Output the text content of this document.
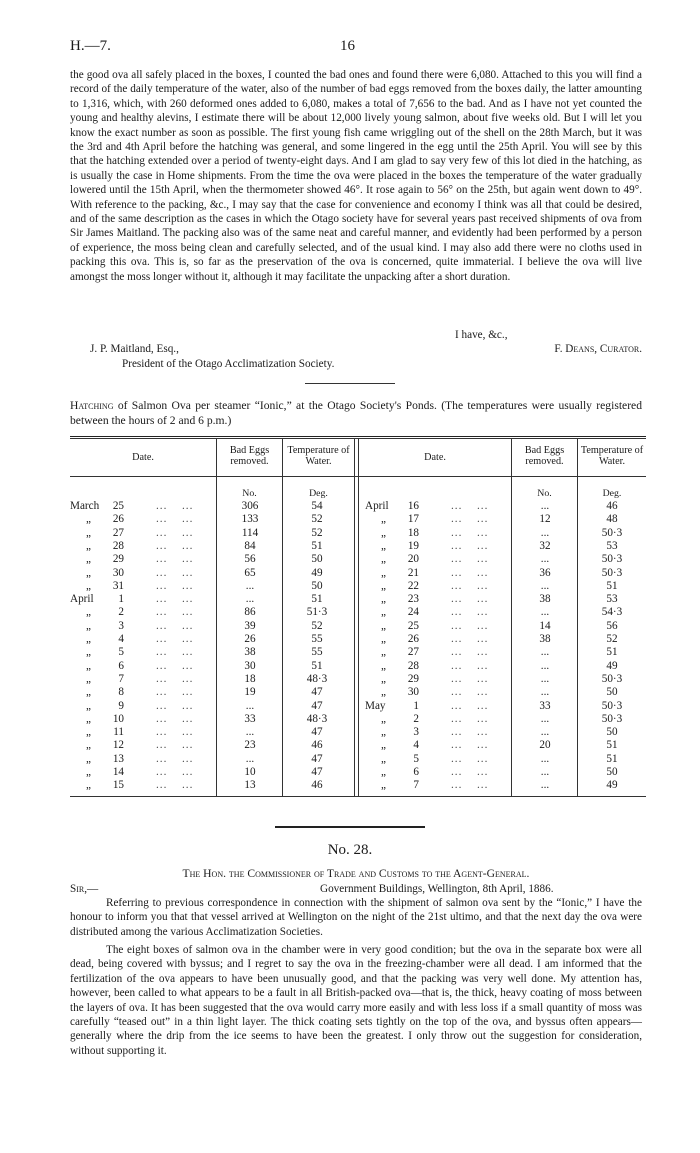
H.—7.	16
the good ova all safely placed in the boxes, I counted the bad ones and found there were 6,080. Attached to this you will find a record of the daily temperature of the water, also of the number of bad eggs removed from the boxes daily, the latter amounting to 1,316, which, with 260 deformed ones added to 6,080, makes a total of 7,656 to the bad. And as I have not yet counted the young and healthy alevins, I estimate there will be about 12,000 lively young salmon, about five weeks old. But I will let you know the exact number as soon as possible. The first young fish came wriggling out of the shell on the 28th March, but it was the 3rd and 4th April before the hatching was general, and some lingered in the egg until the 25th April. You will see by this that the hatching extended over a period of twenty-eight days. And I am glad to say very few of this lot died in the hatching, as is usually the case in Home shipments. From the time the ova were placed in the boxes the temperature of the water gradually lowered until the 15th April, when the thermometer showed 46°. It rose again to 56° on the 25th, but again went down to 49°. With reference to the packing, &c., I may say that the case for convenience and economy I think was all that could be desired, and of the same description as the cases in which the Otago society have for several years past received shipments of ova from Sir James Maitland. The packing also was of the same neat and careful manner, and evidently had been performed by a person of experience, the moss being clean and carefully selected, and of the usual kind. I may also add there were no cloths used in packing this ova. This is, so far as the preservation of the ova is concerned, quite immaterial. I believe the ova will live amongst the moss longer without it, although it may facilitate the unpacking after a short duration.
I have, &c.,
J. P. Maitland, Esq.,	F. Deans, Curator.
President of the Otago Acclimatization Society.
Hatching of Salmon Ova per steamer “Ionic,” at the Otago Society's Ponds. (The temperatures were usually registered between the hours of 2 and 6 p.m.)
Date.
Bad Eggs removed.
Temperature of Water.	Date.
Bad Eggs removed.
Temperature of Water.
No.	Deg.	No.	Deg.
March	25	... ...	306	54
„	26	... ...	133	52
„	27	... ...	114	52
„	28	... ...	84	51
„	29	... ...	56	50
„	30	... ...	65	49
„	31	... ...	...	50
April	1	... ...	...	51
„	2	... ...	86	51·3
„	3	... ...	39	52
„	4	... ...	26	55
„	5	... ...	38	55
„	6	... ...	30	51
„	7	... ...	18	48·3
„	8	... ...	19	47
„	9	... ...	...	47
„	10	... ...	33	48·3
„	11	... ...	...	47
„	12	... ...	23	46
„	13	... ...	...	47
„	14	... ...	10	47
„	15	... ...	13	46
April	16	... ...	...	46
„	17	... ...	12	48
„	18	... ...	...	50·3
„	19	... ...	32	53
„	20	... ...	...	50·3
„	21	... ...	36	50·3
„	22	... ...	...	51
„	23	... ...	38	53
„	24	... ...	...	54·3
„	25	... ...	14	56
„	26	... ...	38	52
„	27	... ...	...	51
„	28	... ...	...	49
„	29	... ...	...	50·3
„	30	... ...	...	50
May	1	... ...	33	50·3
„	2	... ...	...	50·3
„	3	... ...	...	50
„	4	... ...	20	51
„	5	... ...	...	51
„	6	... ...	...	50
„	7	... ...	...	49
No. 28.
The Hon. the Commissioner of Trade and Customs to the Agent-General.
Sir,—	Government Buildings, Wellington, 8th April, 1886.
Referring to previous correspondence in connection with the shipment of salmon ova sent by the “Ionic,” I have the honour to inform you that that vessel arrived at Wellington on the night of the 21st ultimo, and that the next day the ova were distributed among the various Acclimatization Societies.
The eight boxes of salmon ova in the chamber were in very good condition; but the ova in the separate box were all dead, being covered with byssus; and I regret to say the ova in the freezing-chamber were all dead. I am informed that the fertilization of the ova appears to have been unusually good, and that the packing was very well done. My attention has, however, been called to what appears to be a fault in all British-packed ova—that is, the thick, heavy coating of moss between the layers of ova. It has been suggested that the ova would carry more easily and with less loss if a small quantity of moss was carefully “teased out” in a thin light layer. The thick coating sets tightly on the top of the ova, and byssus often appears—generally where the drip from the ice seems to have been the greatest. I only throw out the suggestion for consideration, without supporting it.
